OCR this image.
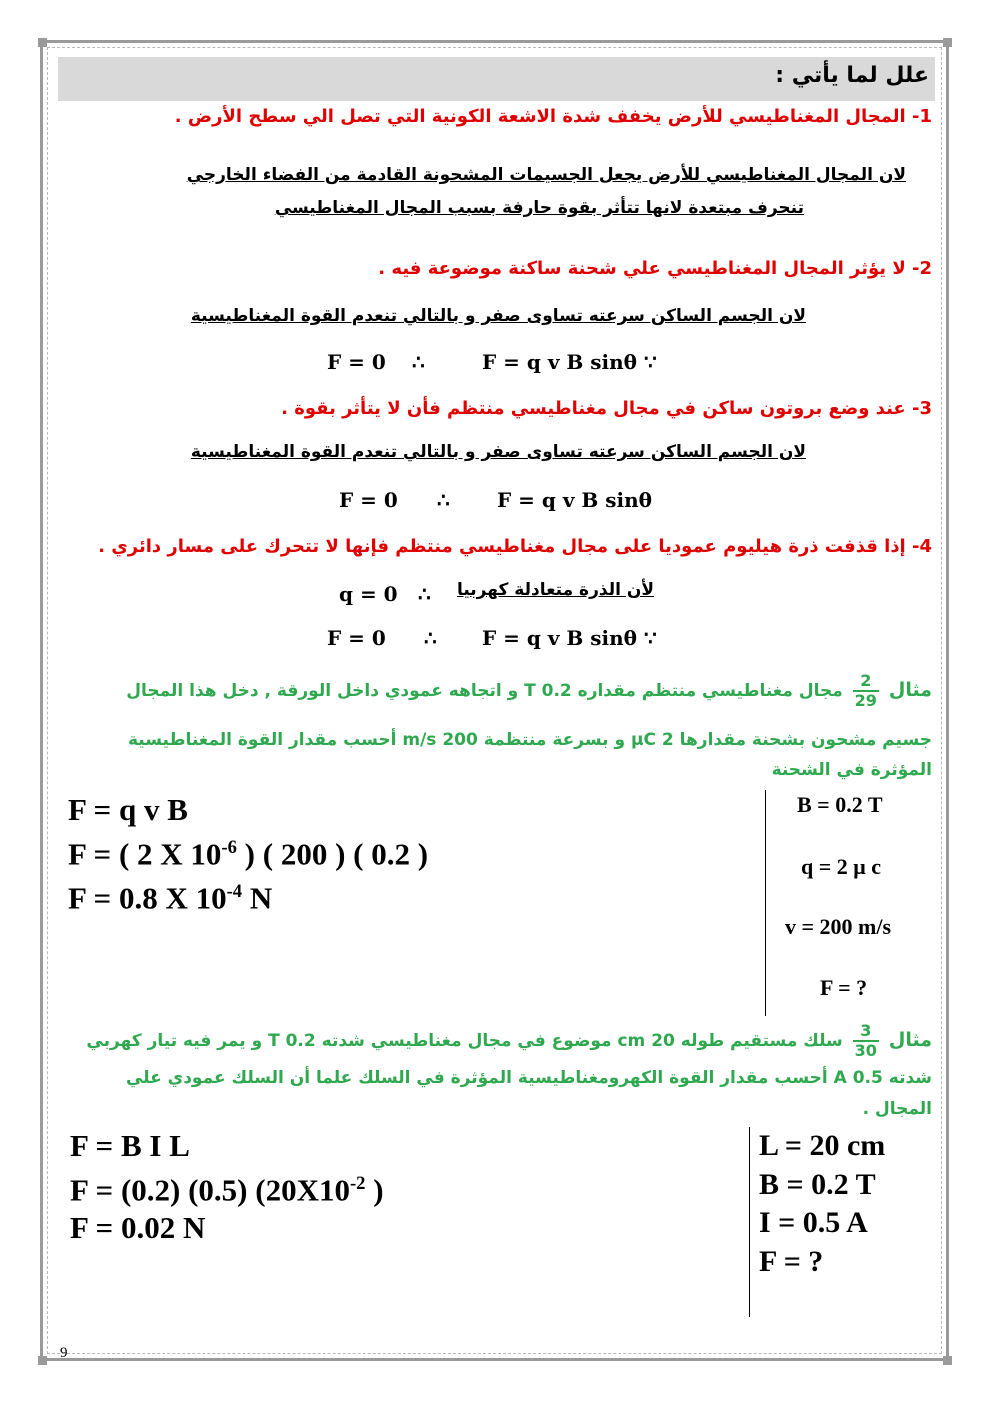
علل لما يأتي :
1- المجال المغناطيسي للأرض يخفف شدة الاشعة الكونية التي تصل الي سطح الأرض .
لان المجال المغناطيسي للأرض يجعل الجسيمات المشحونة القادمة من الفضاء الخارجي
تنحرف مبتعدة لانها تتأثر بقوة حارفة بسبب المجال المغناطيسي
2- لا يؤثر المجال المغناطيسي علي شحنة ساكنة موضوعة فيه .
لان الجسم الساكن سرعته تساوى صفر و بالتالي تنعدم القوة المغناطيسية
F = q v B sinθ ∵
∴
F = 0
3- عند وضع بروتون ساكن في مجال مغناطيسي منتظم فأن لا يتأثر بقوة .
لان الجسم الساكن سرعته تساوى صفر و بالتالي تنعدم القوة المغناطيسية
F = q v B sinθ
∴
F = 0
4- إذا قذفت ذرة هيليوم عموديا على مجال مغناطيسي منتظم فإنها لا تتحرك على مسار دائري .
لأن الذرة متعادلة كهربيا
∴
q = 0
F = q v B sinθ ∵
∴
F = 0
مثال
$\frac{2}{29}$
مجال مغناطيسي منتظم مقداره 0.2 T و اتجاهه عمودي داخل الورقة , دخل هذا المجال
جسيم مشحون بشحنة مقدارها 2 μC و بسرعة منتظمة 200 m/s أحسب مقدار القوة المغناطيسية
المؤثرة في الشحنة
F = q v B
F = ( 2 X $10^{-6}$ ) ( 200 ) ( 0.2 )
F = 0.8 X $10^{-4}$ N
B = 0.2 T
q = 2 μ c
v = 200 m/s
F = ?
مثال
$\frac{3}{30}$
سلك مستقيم طوله 20 cm موضوع في مجال مغناطيسي شدته 0.2 T و يمر فيه تيار كهربي
شدته 0.5 A أحسب مقدار القوة الكهرومغناطيسية المؤثرة في السلك علما أن السلك عمودي علي
المجال .
F = B I L
F = (0.2) (0.5) ($20X10^{-2}$ )
F = 0.02 N
L = 20 cm
B = 0.2 T
I = 0.5 A
F = ?
9
